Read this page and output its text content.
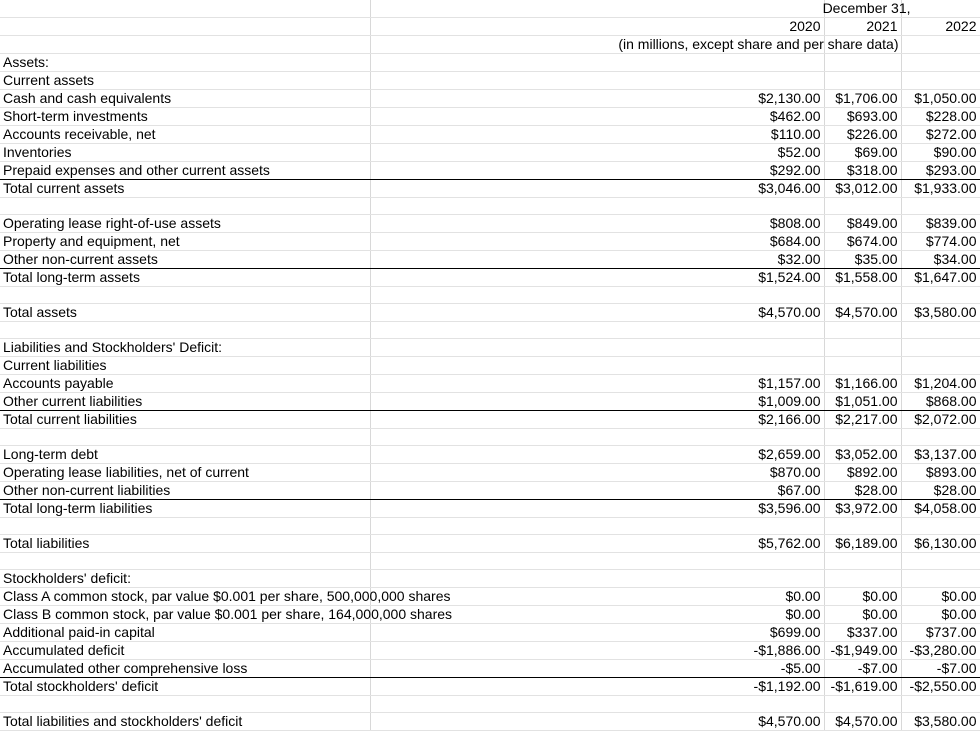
	December 31,		
	2020	2021	2022
	(in millions, except share and per share data)		
Assets:			
Current assets			
Cash and cash equivalents	$2,130.00	$1,706.00	$1,050.00
Short-term investments	$462.00	$693.00	$228.00
Accounts receivable, net	$110.00	$226.00	$272.00
Inventories	$52.00	$69.00	$90.00
Prepaid expenses and other current assets	$292.00	$318.00	$293.00
Total current assets	$3,046.00	$3,012.00	$1,933.00

Operating lease right-of-use assets	$808.00	$849.00	$839.00
Property and equipment, net	$684.00	$674.00	$774.00
Other non-current assets	$32.00	$35.00	$34.00
Total long-term assets	$1,524.00	$1,558.00	$1,647.00

Total assets	$4,570.00	$4,570.00	$3,580.00

Liabilities and Stockholders' Deficit:			
Current liabilities			
Accounts payable	$1,157.00	$1,166.00	$1,204.00
Other current liabilities	$1,009.00	$1,051.00	$868.00
Total current liabilities	$2,166.00	$2,217.00	$2,072.00

Long-term debt	$2,659.00	$3,052.00	$3,137.00
Operating lease liabilities, net of current	$870.00	$892.00	$893.00
Other non-current liabilities	$67.00	$28.00	$28.00
Total long-term liabilities	$3,596.00	$3,972.00	$4,058.00

Total liabilities	$5,762.00	$6,189.00	$6,130.00

Stockholders' deficit:			
Class A common stock, par value $0.001 per share, 500,000,000 shares	$0.00	$0.00	$0.00
Class B common stock, par value $0.001 per share, 164,000,000 shares	$0.00	$0.00	$0.00
Additional paid-in capital	$699.00	$337.00	$737.00
Accumulated deficit	-$1,886.00	-$1,949.00	-$3,280.00
Accumulated other comprehensive loss	-$5.00	-$7.00	-$7.00
Total stockholders' deficit	-$1,192.00	-$1,619.00	-$2,550.00

Total liabilities and stockholders' deficit	$4,570.00	$4,570.00	$3,580.00
